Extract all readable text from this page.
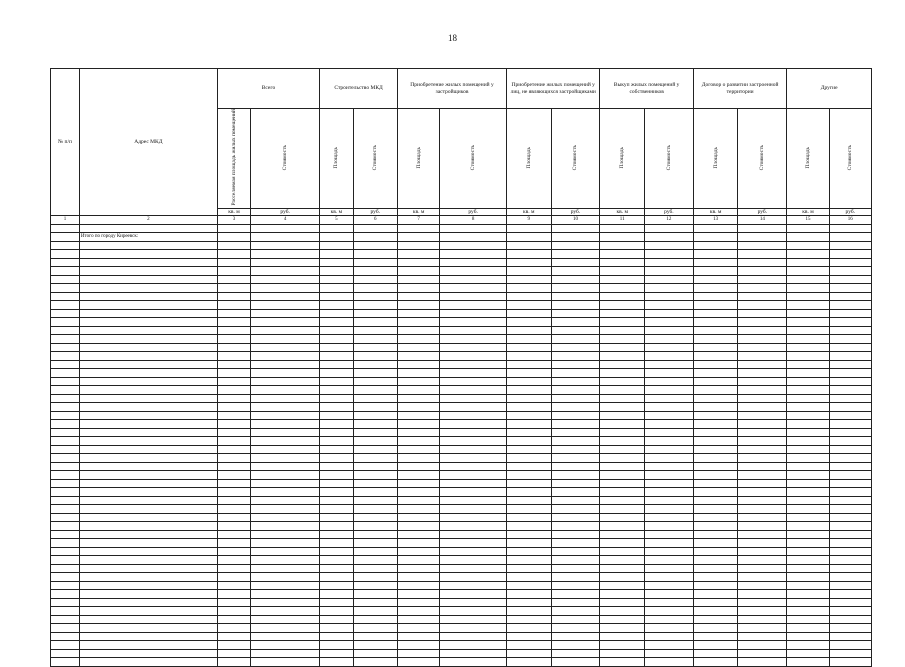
18
№ п/п	Адрес МКД	Всего		Строительство МКД		Приобретение жилых помещений у застройщиков		Приобретение жилых помещений у лиц, не являющихся застройщиками		Выкуп жилых помещений у собственников		Договор о развитии застроенной территории		Другие	
		Расселяемая площадь жилых помещений	Стоимость	Площадь	Стоимость	Площадь	Стоимость	Площадь	Стоимость	Площадь	Стоимость	Площадь	Стоимость	Площадь	Стоимость
		кв. м	руб.	кв. м	руб.	кв. м	руб.	кв. м	руб.	кв. м	руб.	кв. м	руб.	кв. м	руб.
1	2	3	4	5	6	7	8	9	10	11	12	13	14	15	16

	Итого по городу Киреевск:														
